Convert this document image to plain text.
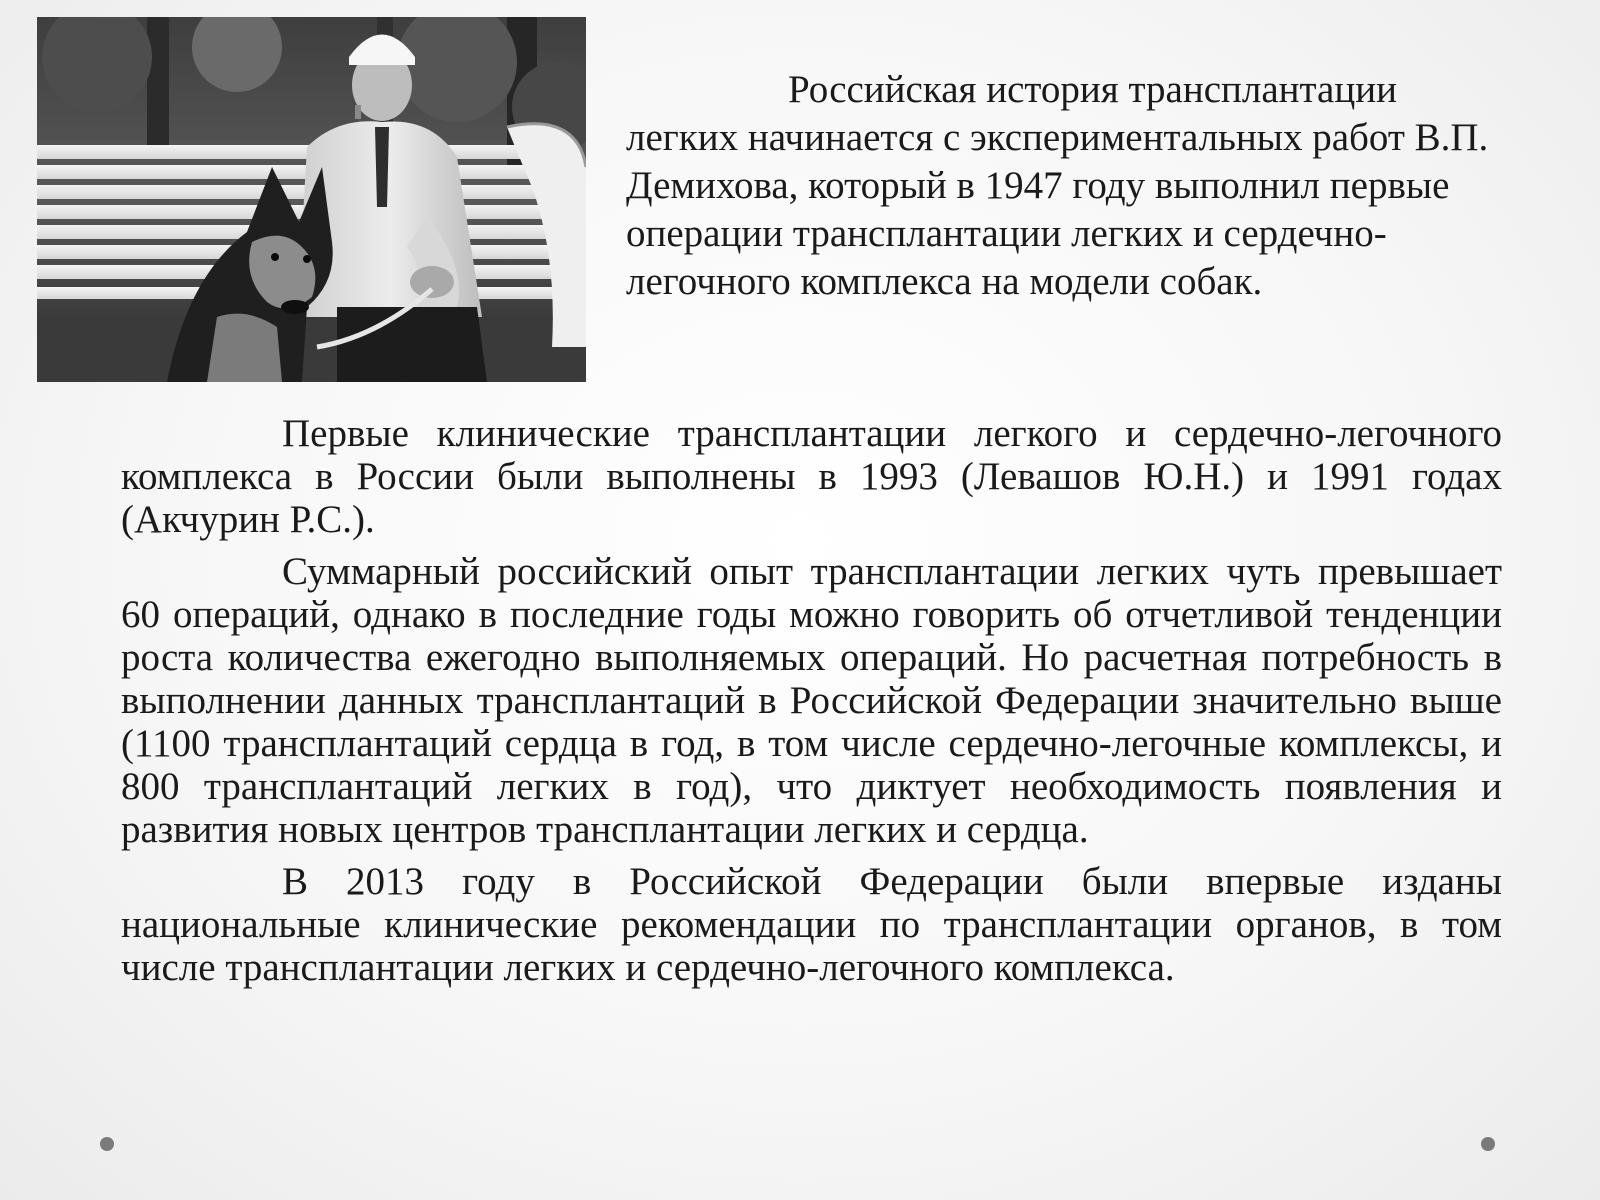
Российская история трансплантации легких начинается с экспериментальных работ В.П. Демихова, который в 1947 году выполнил первые операции трансплантации легких и сердечно-легочного комплекса на модели собак.

Первые клинические трансплантации легкого и сердечно-легочного комплекса в России были выполнены в 1993 (Левашов Ю.Н.) и 1991 годах (Акчурин Р.С.).

Суммарный российский опыт трансплантации легких чуть превышает 60 операций, однако в последние годы можно говорить об отчетливой тенденции роста количества ежегодно выполняемых операций. Но расчетная потребность в выполнении данных трансплантаций в Российской Федерации значительно выше (1100 трансплантаций сердца в год, в том числе сердечно-легочные комплексы, и 800 трансплантаций легких в год), что диктует необходимость появления и развития новых центров трансплантации легких и сердца.

В 2013 году в Российской Федерации были впервые изданы национальные клинические рекомендации по трансплантации органов, в том числе трансплантации легких и сердечно-легочного комплекса.
